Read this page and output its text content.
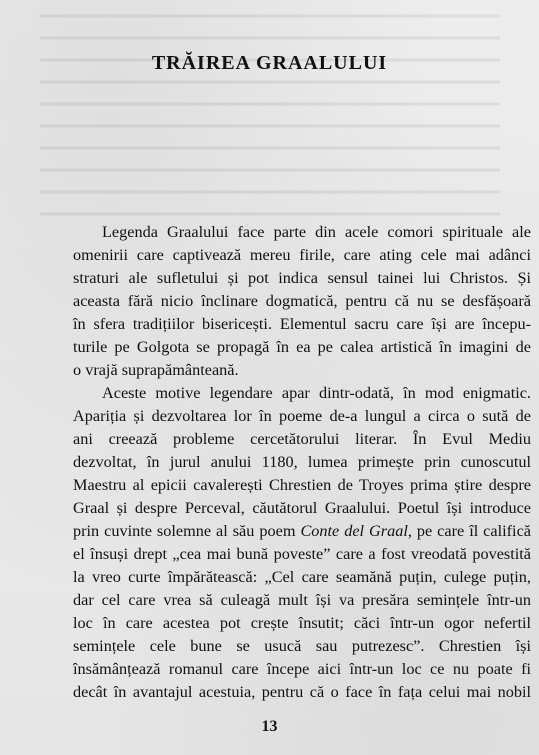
TRĂIREA GRAALULUI
Legenda Graalului face parte din acele comori spirituale ale
omenirii care captivează mereu firile, care ating cele mai adânci
straturi ale sufletului și pot indica sensul tainei lui Christos. Și
aceasta fără nicio înclinare dogmatică, pentru că nu se desfășoară
în sfera tradițiilor bisericești. Elementul sacru care își are începu-
turile pe Golgota se propagă în ea pe calea artistică în imagini de
o vrajă suprapământeană.
Aceste motive legendare apar dintr-odată, în mod enigmatic.
Apariția și dezvoltarea lor în poeme de-a lungul a circa o sută de
ani creează probleme cercetătorului literar. În Evul Mediu
dezvoltat, în jurul anului 1180, lumea primește prin cunoscutul
Maestru al epicii cavalerești Chrestien de Troyes prima știre despre
Graal și despre Perceval, căutătorul Graalului. Poetul își introduce
prin cuvinte solemne al său poem Conte del Graal, pe care îl califică
el însuși drept „cea mai bună poveste” care a fost vreodată povestită
la vreo curte împărătească: „Cel care seamănă puțin, culege puțin,
dar cel care vrea să culeagă mult își va presăra semințele într-un
loc în care acestea pot crește însutit; căci într-un ogor nefertil
semințele cele bune se usucă sau putrezesc”. Chrestien își
însămânțează romanul care începe aici într-un loc ce nu poate fi
decât în avantajul acestuia, pentru că o face în fața celui mai nobil
13
